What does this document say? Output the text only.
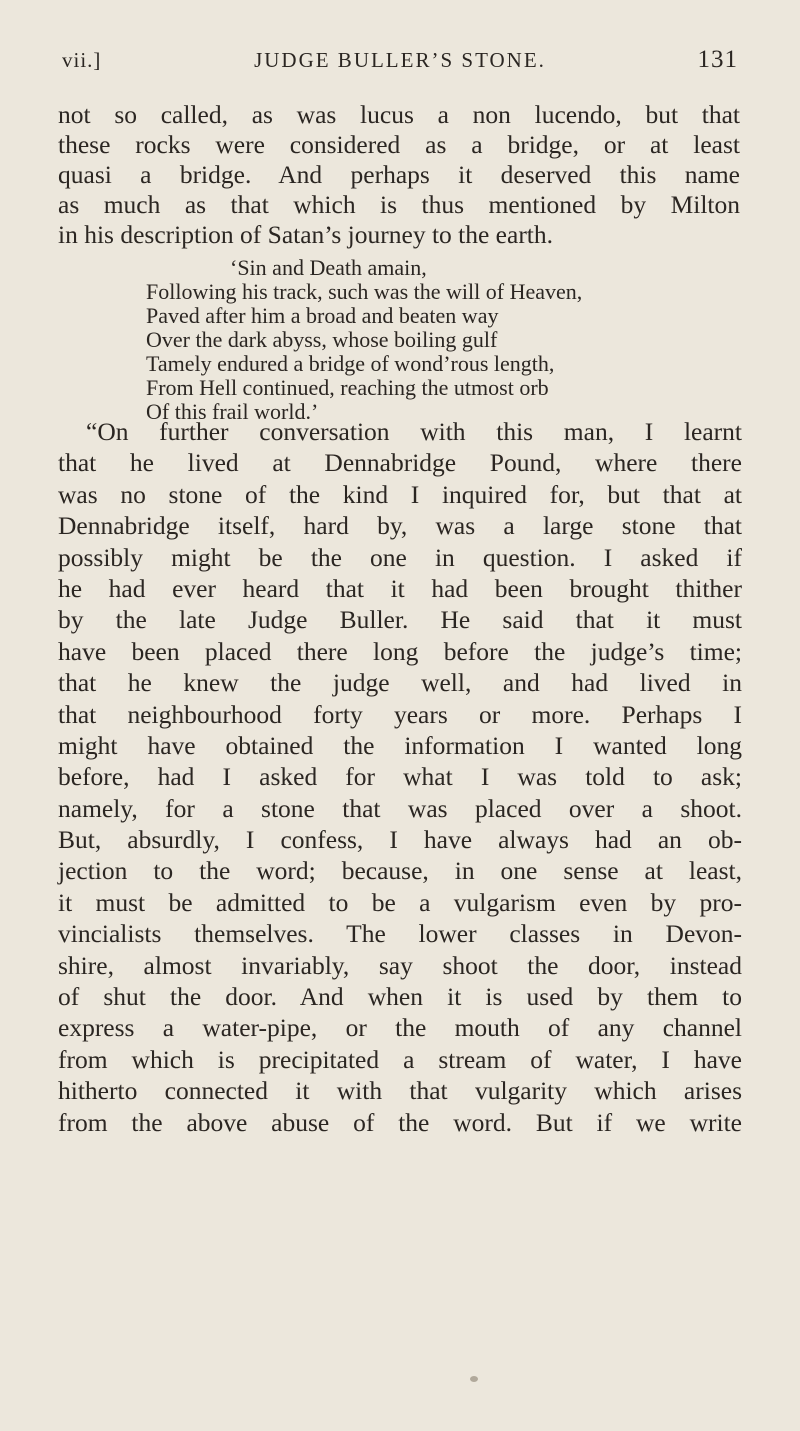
vii.]	JUDGE BULLER’S STONE.	131
not so called, as was lucus a non lucendo, but that
these rocks were considered as a bridge, or at least
quasi a bridge. And perhaps it deserved this name
as much as that which is thus mentioned by Milton
in his description of Satan’s journey to the earth.
‘Sin and Death amain,
Following his track, such was the will of Heaven,
Paved after him a broad and beaten way
Over the dark abyss, whose boiling gulf
Tamely endured a bridge of wond’rous length,
From Hell continued, reaching the utmost orb
Of this frail world.’
“On further conversation with this man, I learnt
that he lived at Dennabridge Pound, where there
was no stone of the kind I inquired for, but that at
Dennabridge itself, hard by, was a large stone that
possibly might be the one in question. I asked if
he had ever heard that it had been brought thither
by the late Judge Buller. He said that it must
have been placed there long before the judge’s time;
that he knew the judge well, and had lived in
that neighbourhood forty years or more. Perhaps I
might have obtained the information I wanted long
before, had I asked for what I was told to ask;
namely, for a stone that was placed over a shoot.
But, absurdly, I confess, I have always had an ob-
jection to the word; because, in one sense at least,
it must be admitted to be a vulgarism even by pro-
vincialists themselves. The lower classes in Devon-
shire, almost invariably, say shoot the door, instead
of shut the door. And when it is used by them to
express a water-pipe, or the mouth of any channel
from which is precipitated a stream of water, I have
hitherto connected it with that vulgarity which arises
from the above abuse of the word. But if we write
